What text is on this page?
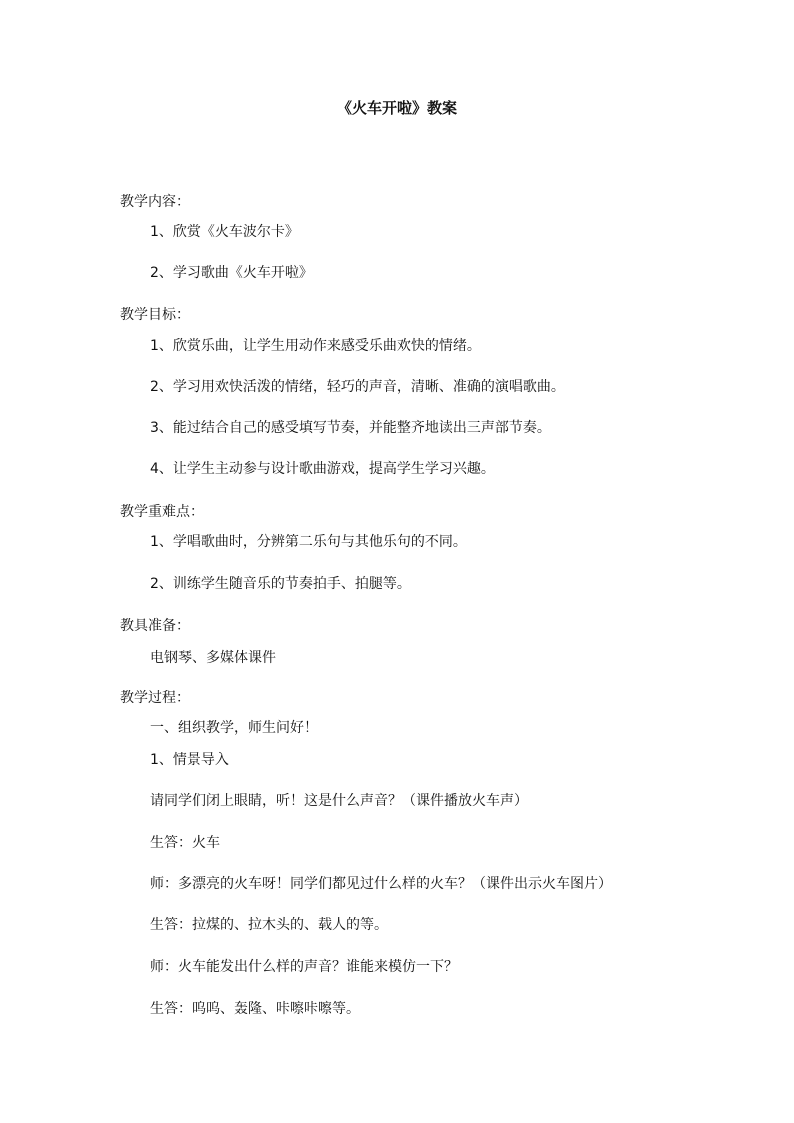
《火车开啦》教案
教学内容：
1、欣赏《火车波尔卡》
2、学习歌曲《火车开啦》
教学目标：
1、欣赏乐曲，让学生用动作来感受乐曲欢快的情绪。
2、学习用欢快活泼的情绪，轻巧的声音，清晰、准确的演唱歌曲。
3、能过结合自己的感受填写节奏，并能整齐地读出三声部节奏。
4、让学生主动参与设计歌曲游戏，提高学生学习兴趣。
教学重难点：
1、学唱歌曲时，分辨第二乐句与其他乐句的不同。
2、训练学生随音乐的节奏拍手、拍腿等。
教具准备：
电钢琴、多媒体课件
教学过程：
一、组织教学，师生问好！
1、情景导入
请同学们闭上眼睛，听！这是什么声音？（课件播放火车声）
生答：火车
师：多漂亮的火车呀！同学们都见过什么样的火车？（课件出示火车图片）
生答：拉煤的、拉木头的、载人的等。
师：火车能发出什么样的声音？谁能来模仿一下？
生答：呜呜、轰隆、咔嚓咔嚓等。
